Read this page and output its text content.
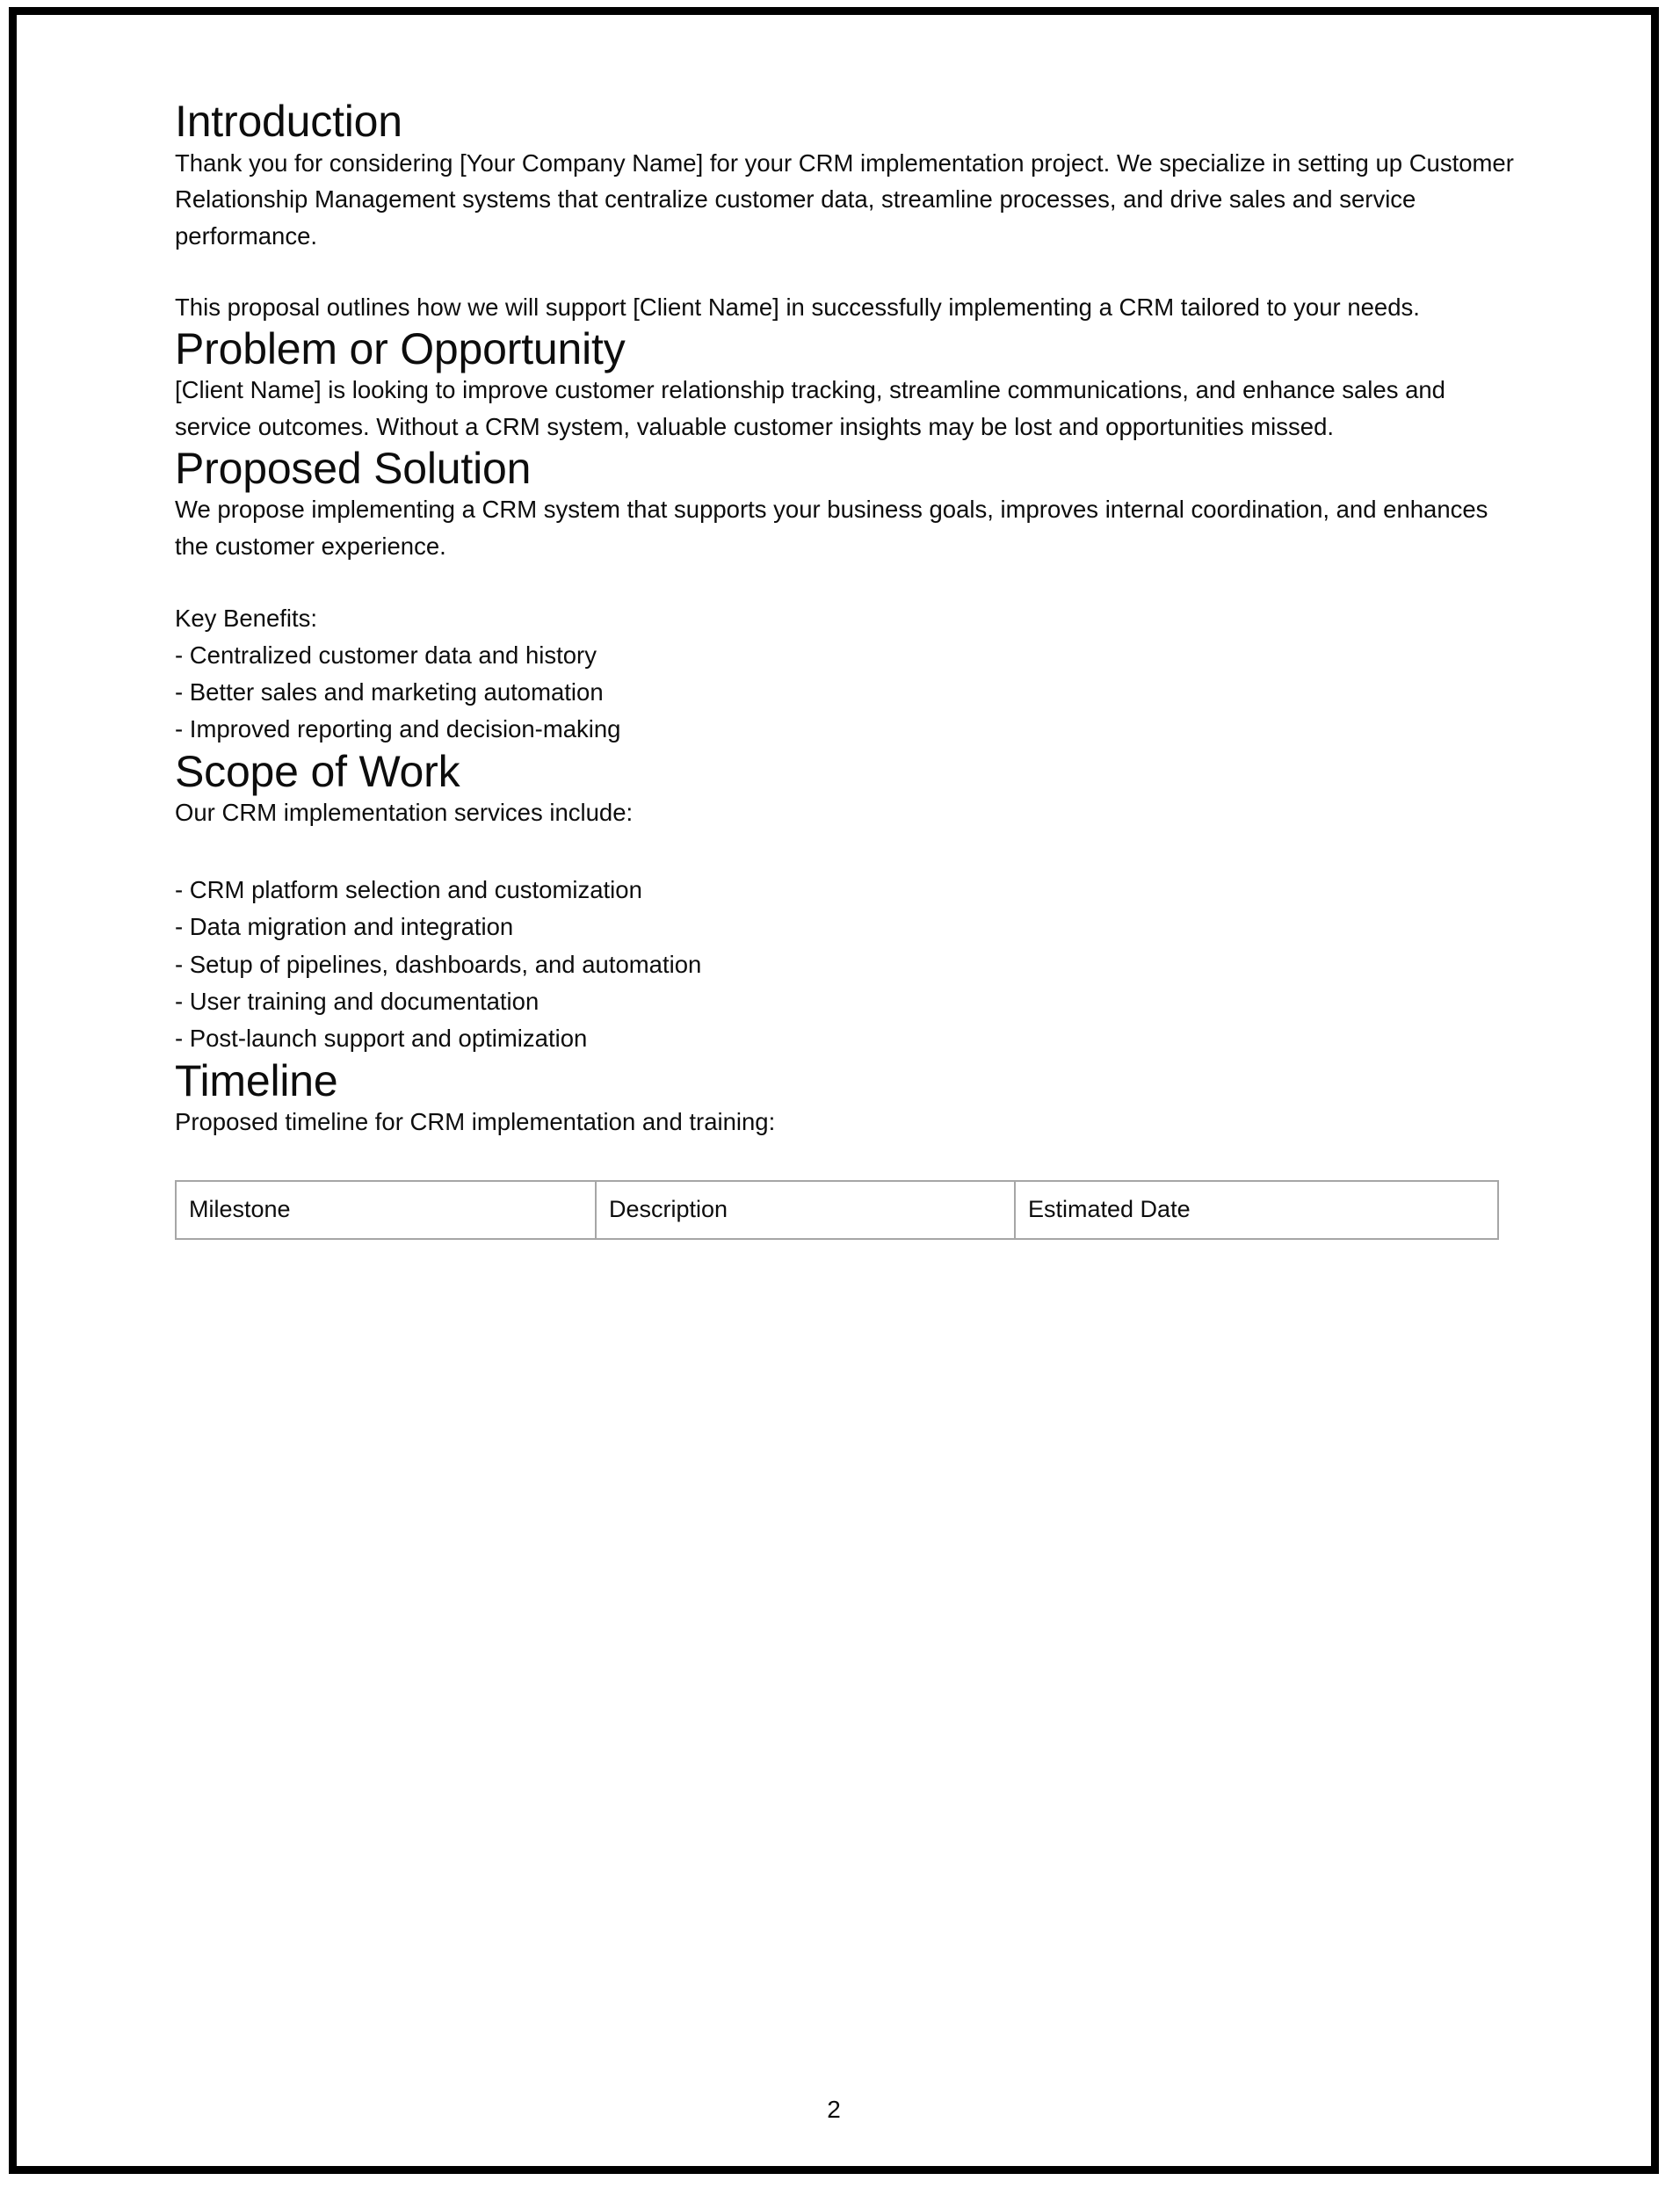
Introduction

Thank you for considering [Your Company Name] for your CRM implementation project. We specialize in setting up Customer Relationship Management systems that centralize customer data, streamline processes, and drive sales and service performance.

This proposal outlines how we will support [Client Name] in successfully implementing a CRM tailored to your needs.

Problem or Opportunity

[Client Name] is looking to improve customer relationship tracking, streamline communications, and enhance sales and service outcomes. Without a CRM system, valuable customer insights may be lost and opportunities missed.

Proposed Solution

We propose implementing a CRM system that supports your business goals, improves internal coordination, and enhances the customer experience.

Key Benefits:

- Centralized customer data and history
- Better sales and marketing automation
- Improved reporting and decision-making
Scope of Work

Our CRM implementation services include:

- CRM platform selection and customization
- Data migration and integration
- Setup of pipelines, dashboards, and automation
- User training and documentation
- Post-launch support and optimization
Timeline

Proposed timeline for CRM implementation and training:

Milestone	Description	Estimated Date
2
